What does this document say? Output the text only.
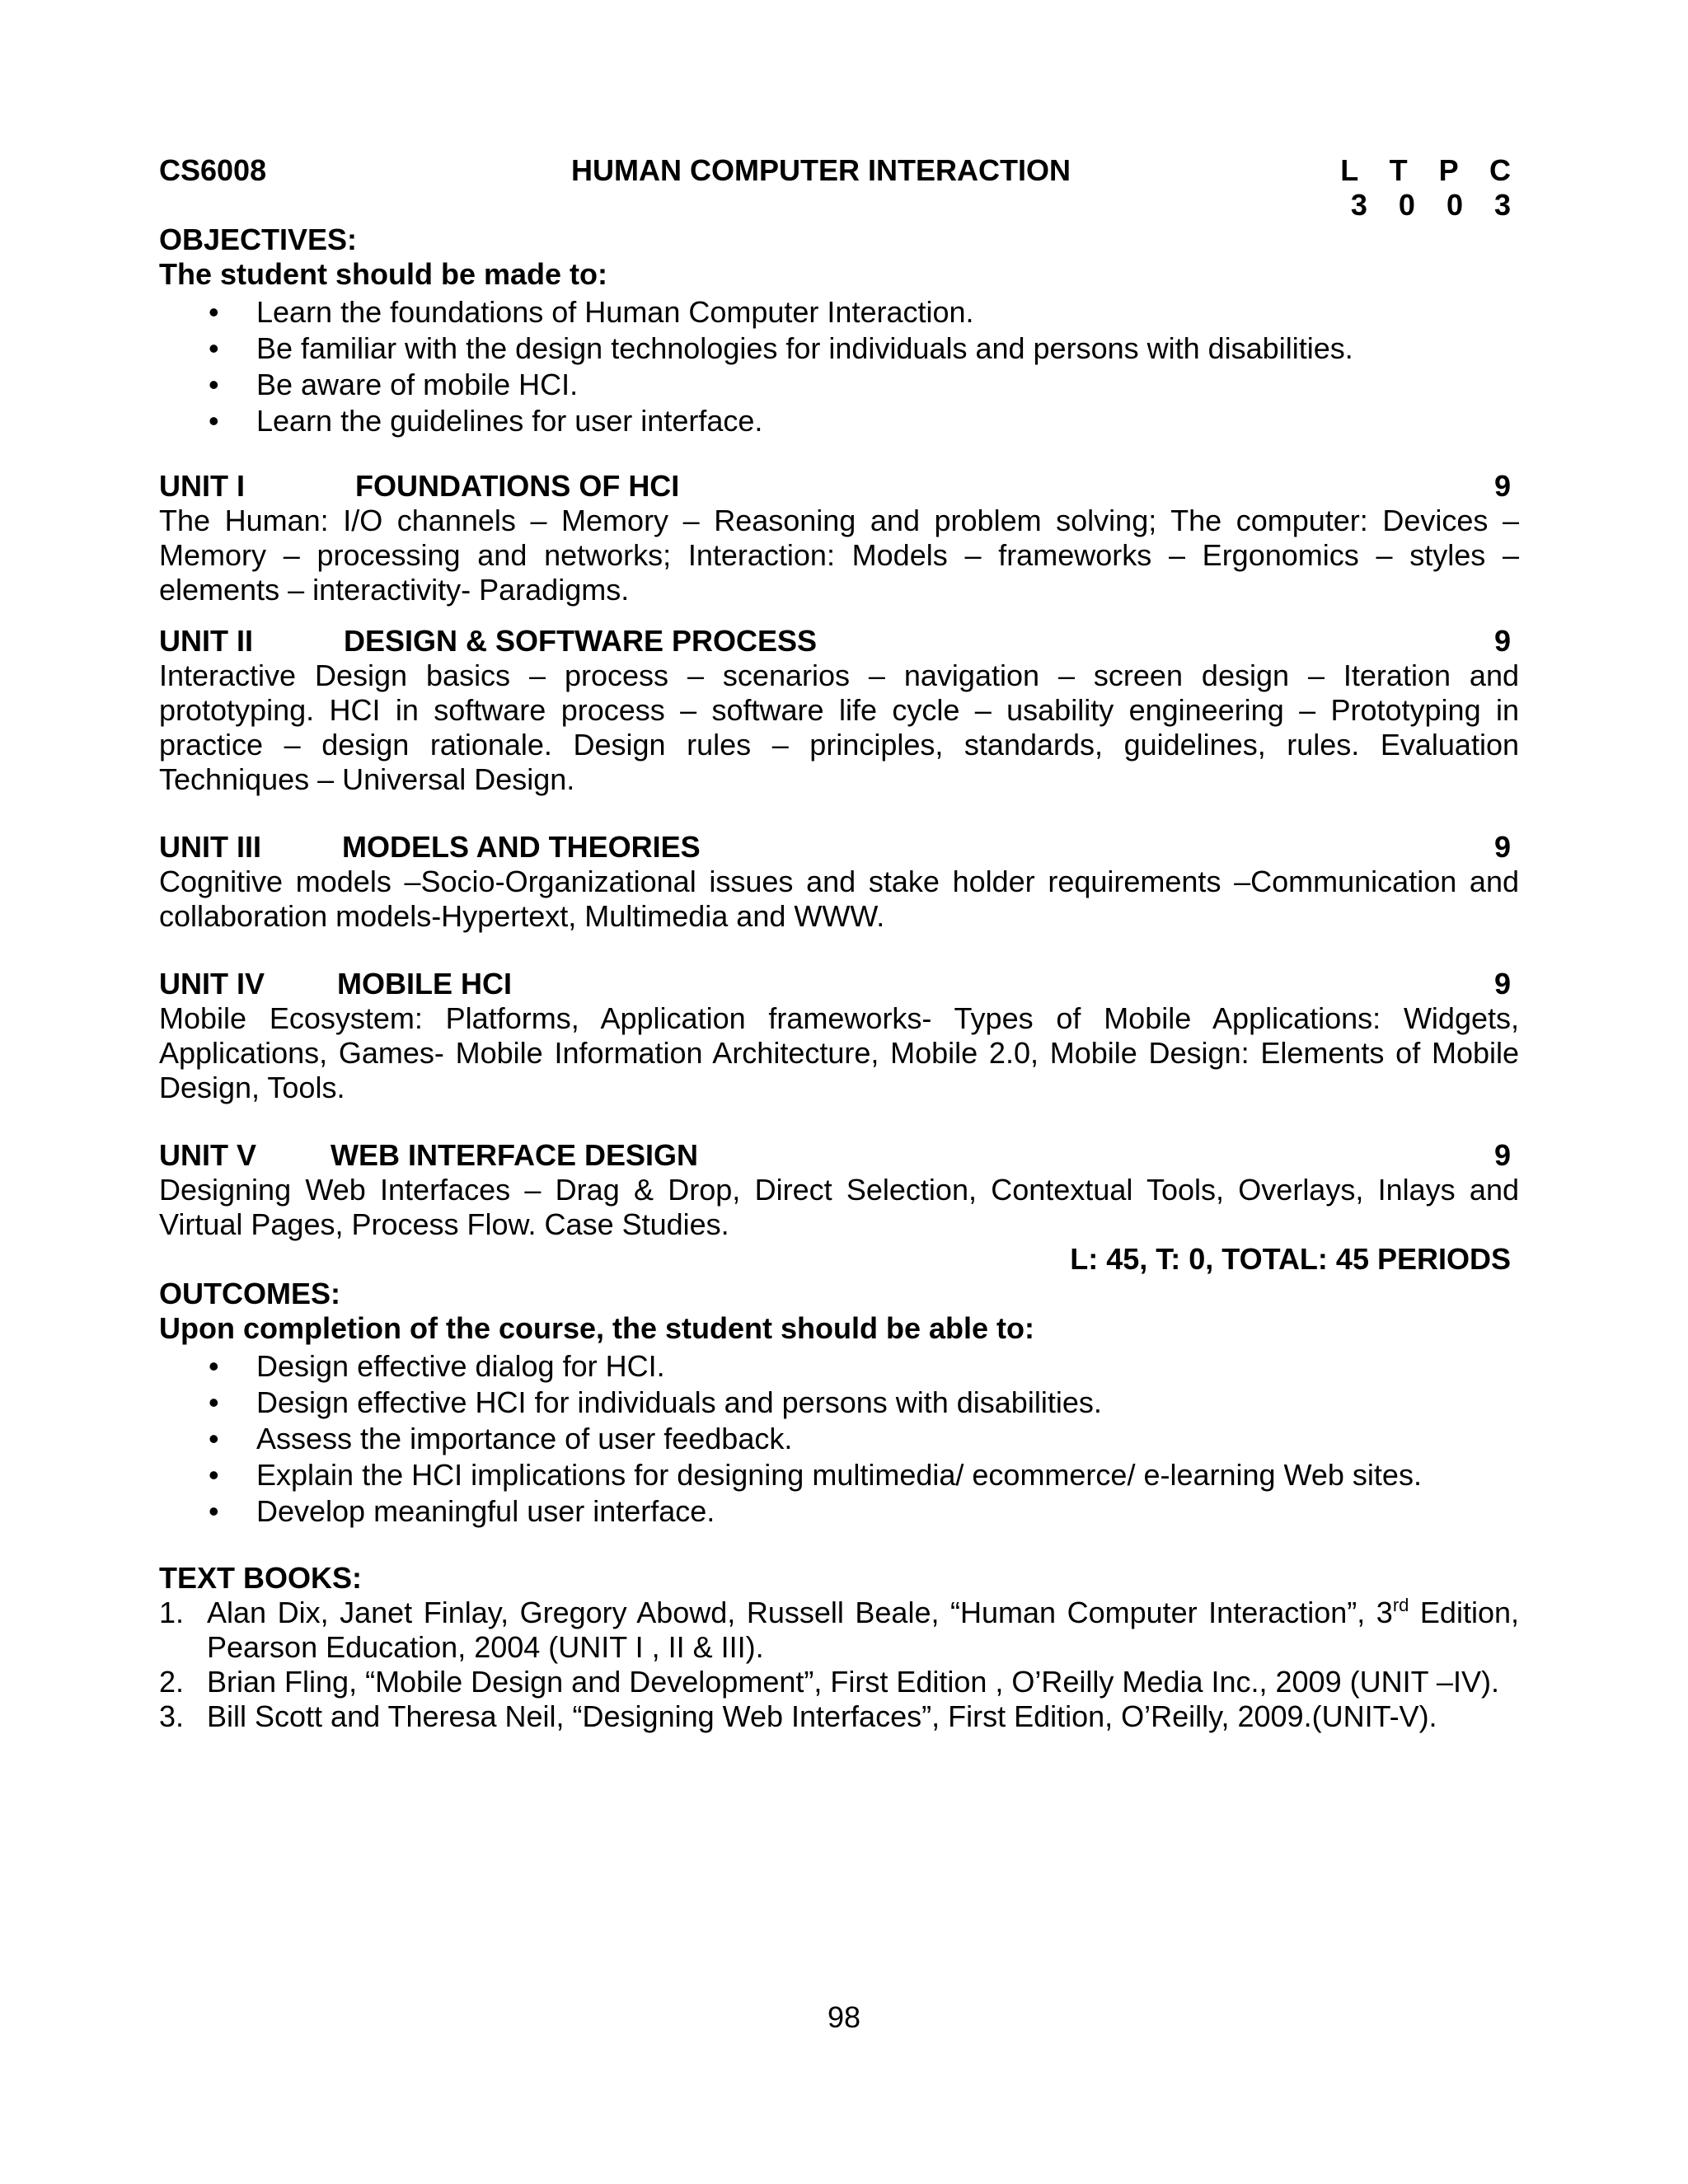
CS6008	HUMAN COMPUTER INTERACTION	L T P C
3 0 0 3
OBJECTIVES:
The student should be made to:
• Learn the foundations of Human Computer Interaction.
• Be familiar with the design technologies for individuals and persons with disabilities.
• Be aware of mobile HCI.
• Learn the guidelines for user interface.
UNIT I	FOUNDATIONS OF HCI	9
The Human: I/O channels – Memory – Reasoning and problem solving; The computer: Devices – Memory – processing and networks; Interaction: Models – frameworks – Ergonomics – styles – elements – interactivity- Paradigms.
UNIT II	DESIGN & SOFTWARE PROCESS	9
Interactive Design basics – process – scenarios – navigation – screen design – Iteration and prototyping. HCI in software process – software life cycle – usability engineering – Prototyping in practice – design rationale. Design rules – principles, standards, guidelines, rules. Evaluation Techniques – Universal Design.
UNIT III	MODELS AND THEORIES	9
Cognitive models –Socio-Organizational issues and stake holder requirements –Communication and collaboration models-Hypertext, Multimedia and WWW.
UNIT IV MOBILE HCI	9
Mobile Ecosystem: Platforms, Application frameworks- Types of Mobile Applications: Widgets, Applications, Games- Mobile Information Architecture, Mobile 2.0, Mobile Design: Elements of Mobile Design, Tools.
UNIT V WEB INTERFACE DESIGN	9
Designing Web Interfaces – Drag & Drop, Direct Selection, Contextual Tools, Overlays, Inlays and Virtual Pages, Process Flow. Case Studies.
L: 45, T: 0, TOTAL: 45 PERIODS
OUTCOMES:
Upon completion of the course, the student should be able to:
• Design effective dialog for HCI.
• Design effective HCI for individuals and persons with disabilities.
• Assess the importance of user feedback.
• Explain the HCI implications for designing multimedia/ ecommerce/ e-learning Web sites.
• Develop meaningful user interface.
TEXT BOOKS:
1. Alan Dix, Janet Finlay, Gregory Abowd, Russell Beale, “Human Computer Interaction”, 3rd Edition, Pearson Education, 2004 (UNIT I , II & III).
2. Brian Fling, “Mobile Design and Development”, First Edition , O’Reilly Media Inc., 2009 (UNIT –IV).
3. Bill Scott and Theresa Neil, “Designing Web Interfaces”, First Edition, O’Reilly, 2009.(UNIT-V).
98
